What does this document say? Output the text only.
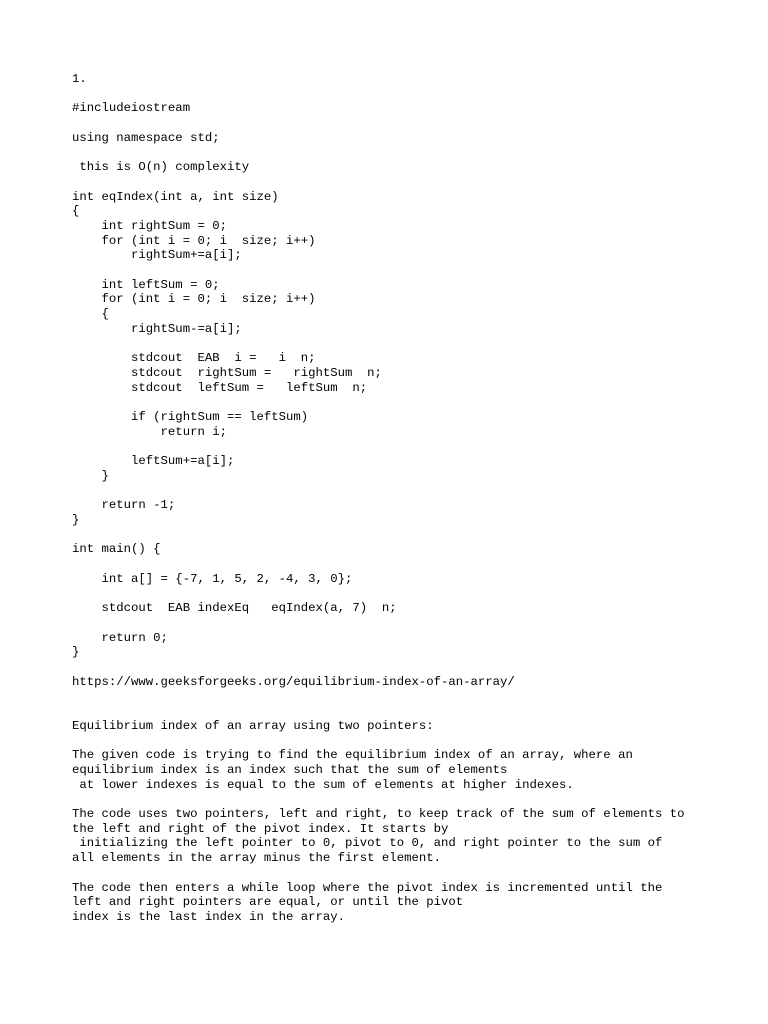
1.
#includeiostream
using namespace std;
this is O(n) complexity
int eqIndex(int a, int size)
{
int rightSum = 0;
for (int i = 0; i  size; i++)
rightSum+=a[i];

int leftSum = 0;
for (int i = 0; i  size; i++)
{
rightSum-=a[i];

stdcout  EAB  i =   i  n;
stdcout  rightSum =   rightSum  n;
stdcout  leftSum =   leftSum  n;

if (rightSum == leftSum)
return i;

leftSum+=a[i];
}

return -1;
}

int main() {

int a[] = {-7, 1, 5, 2, -4, 3, 0};

stdcout  EAB indexEq   eqIndex(a, 7)  n;

return 0;
}
https://www.geeksforgeeks.org/equilibrium-index-of-an-array/

Equilibrium index of an array using two pointers:
The given code is trying to find the equilibrium index of an array, where an
equilibrium index is an index such that the sum of elements
at lower indexes is equal to the sum of elements at higher indexes.
The code uses two pointers, left and right, to keep track of the sum of elements to
the left and right of the pivot index. It starts by
initializing the left pointer to 0, pivot to 0, and right pointer to the sum of
all elements in the array minus the first element.
The code then enters a while loop where the pivot index is incremented until the
left and right pointers are equal, or until the pivot
index is the last index in the array.
